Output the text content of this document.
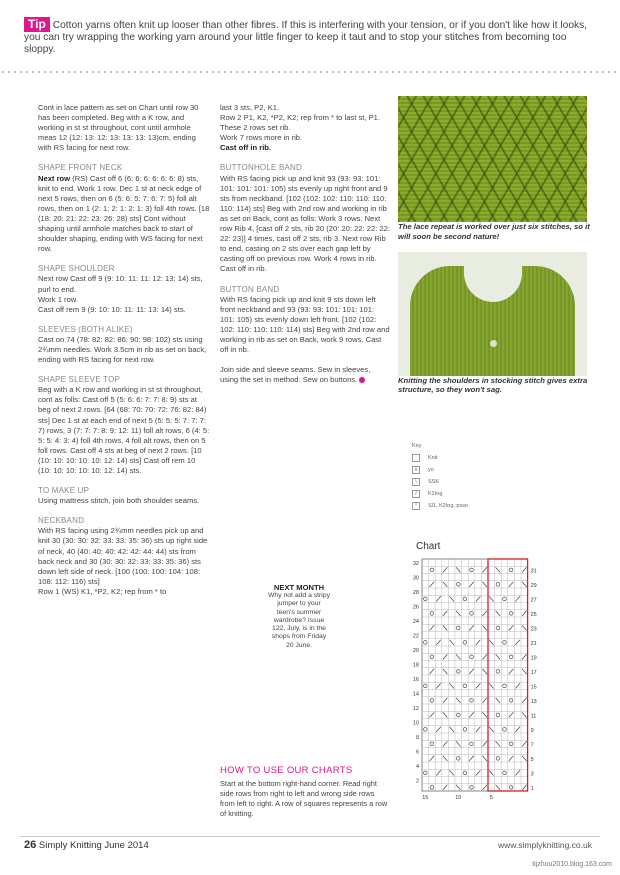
Tip Cotton yarns often knit up looser than other fibres. If this is interfering with your tension, or if you don't like how it looks, you can try wrapping the working yarn around your little finger to keep it taut and to stop your stitches from becoming too sloppy.

Cont in lace pattern as set on Chart until row 30 has been completed. Beg with a K row, and working in st st throughout, cont until armhole meas 12 (12: 13: 12: 13: 13: 13: 13)cm, ending with RS facing for next row.

SHAPE FRONT NECK

Next row (RS) Cast off 6 (6: 6: 6: 6: 6: 6: 8) sts, knit to end. Work 1 row. Dec 1 st at neck edge of next 5 rows, then on 6 (5: 6: 5: 7: 6: 7: 5) foll alt rows, then on 1 (2: 1: 2: 1: 2: 1: 3) foll 4th rows. [18 (18: 20: 21: 22: 23: 26: 28) sts] Cont without shaping until armhole matches back to start of shoulder shaping, ending with WS facing for next row.

SHAPE SHOULDER

Next row Cast off 9 (9: 10: 11: 11: 12: 13: 14) sts, purl to end.
Work 1 row.
Cast off rem 9 (9: 10: 10: 11: 11: 13: 14) sts.

SLEEVES (BOTH ALIKE)

Cast on 74 (78: 82: 82: 86: 90: 98: 102) sts using 2¾mm needles. Work 3.5cm in rib as set on back, ending with RS facing for next row.

SHAPE SLEEVE TOP

Beg with a K row and working in st st throughout, cont as folls: Cast off 5 (5: 6: 6: 7: 7: 8: 9) sts at beg of next 2 rows. [64 (68: 70: 70: 72: 76: 82: 84) sts] Dec 1 st at each end of next 5 (5: 5: 5: 7: 7: 7: 7) rows, 3 (7: 7: 7: 8: 9: 12: 11) foll alt rows, 6 (4: 5: 5: 5: 4: 3: 4) foll 4th rows, 4 foll alt rows, then on 5 foll rows. Cast off 4 sts at beg of next 2 rows. [10 (10: 10: 10: 10: 10: 12: 14) sts] Cast off rem 10 (10: 10: 10: 10: 10: 12: 14) sts.

TO MAKE UP

Using mattress stitch, join both shoulder seams.

NECKBAND

With RS facing using 2¾mm needles pick up and knit 30 (30: 30: 32: 33: 33: 35: 36) sts up right side of neck, 40 (40: 40: 40: 42: 42: 44: 44) sts from back neck and 30 (30: 30: 32: 33: 33: 35: 36) sts down left side of neck. [100 (100: 100: 104: 108: 108: 112: 116) sts]

Row 1 (WS) K1, *P2, K2; rep from * to

last 3 sts, P2, K1.
Row 2 P1, K2, *P2, K2; rep from * to last st, P1.
These 2 rows set rib.
Work 7 rows more in rib.
Cast off in rib.

BUTTONHOLE BAND

With RS facing pick up and knit 93 (93: 93: 101: 101: 101: 101: 105) sts evenly up right front and 9 sts from neckband. [102 (102: 102: 110: 110: 110: 110: 114) sts] Beg with 2nd row and working in rib as set on Back, cont as folls: Work 3 rows. Next row Rib 4, [cast off 2 sts, rib 20 (20: 20: 22: 22: 22: 22: 23)] 4 times, cast off 2 sts, rib 3. Next row Rib to end, casting on 2 sts over each gap left by casting off on previous row. Work 4 rows in rib. Cast off in rib.

BUTTON BAND

With RS facing pick up and knit 9 sts down left front neckband and 93 (93: 93: 101: 101: 101: 101: 105) sts evenly down left front. [102 (102: 102: 110: 110: 110: 114) sts] Beg with 2nd row and working in rib as set on Back, work 9 rows. Cast off in rib.

Join side and sleeve seams. Sew in sleeves, using the set in method. Sew on buttons.

The lace repeat is worked over just six stitches, so it will soon be second nature!

Knitting the shoulders in stocking stitch gives extra structure, so they won't sag.

Key
Knit
o	yo
\	SSK
/	K2tog
^	Sl1, K2tog, psso
Chart
32
30
28
26
24
22
20
18
16
14
12
10
8
6
4
2
31
29
27
25
23
21
19
17
15
13
11
9
7
5
3
1
15	10	5
NEXT MONTH
Why not add a stripy jumper to your teen's summer wardrobe? Issue 122, July, is in the shops from Friday 20 June.
HOW TO USE OUR CHARTS
Start at the bottom right-hand corner. Read right side rows from right to left and wrong side rows from left to right. A row of squares represents a row of knitting.
26 Simply Knitting June 2014	www.simplyknitting.co.uk
tijzhou2010.blog.163.com
